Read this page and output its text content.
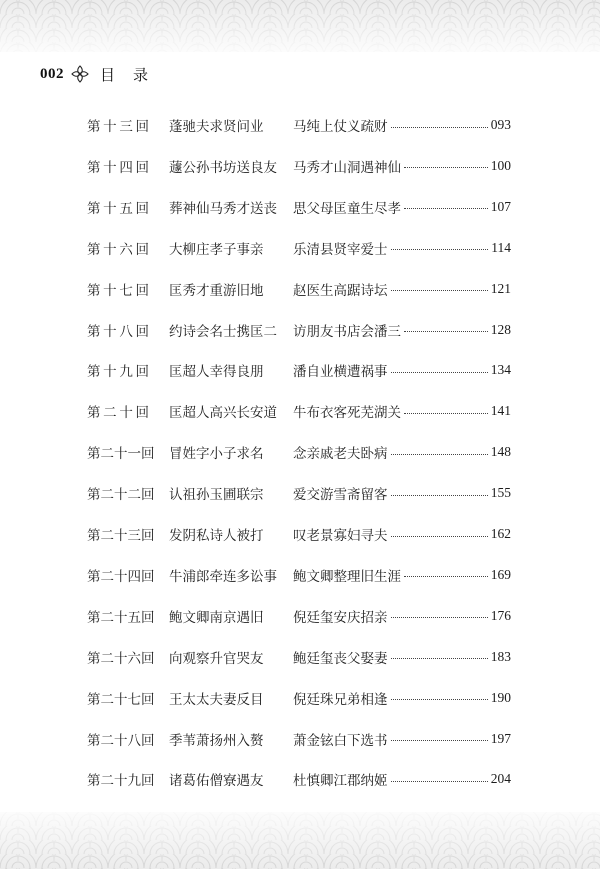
002 目录
第 十 三 回 蓬驰夫求贤问业	马纯上仗义疏财	093
第 十 四 回 蘧公孙书坊送良友	马秀才山洞遇神仙	100
第 十 五 回 葬神仙马秀才送丧	思父母匡童生尽孝	107
第 十 六 回 大柳庄孝子事亲	乐清县贤宰爱士	114
第 十 七 回 匡秀才重游旧地	赵医生高踞诗坛	121
第 十 八 回 约诗会名士携匡二	访朋友书店会潘三	128
第 十 九 回 匡超人幸得良朋	潘自业横遭祸事	134
第 二 十 回 匡超人高兴长安道	牛布衣客死芜湖关	141
第 二 十 一 回 冒姓字小子求名	念亲戚老夫卧病	148
第 二 十 二 回 认祖孙玉圃联宗	爱交游雪斋留客	155
第 二 十 三 回 发阴私诗人被打	叹老景寡妇寻夫	162
第 二 十 四 回 牛浦郎牵连多讼事	鲍文卿整理旧生涯	169
第 二 十 五 回 鲍文卿南京遇旧	倪廷玺安庆招亲	176
第 二 十 六 回 向观察升官哭友	鲍廷玺丧父娶妻	183
第 二 十 七 回 王太太夫妻反目	倪廷珠兄弟相逢	190
第 二 十 八 回 季苇萧扬州入赘	萧金铉白下选书	197
第 二 十 九 回 诸葛佑僧寮遇友	杜慎卿江郡纳姬	204
